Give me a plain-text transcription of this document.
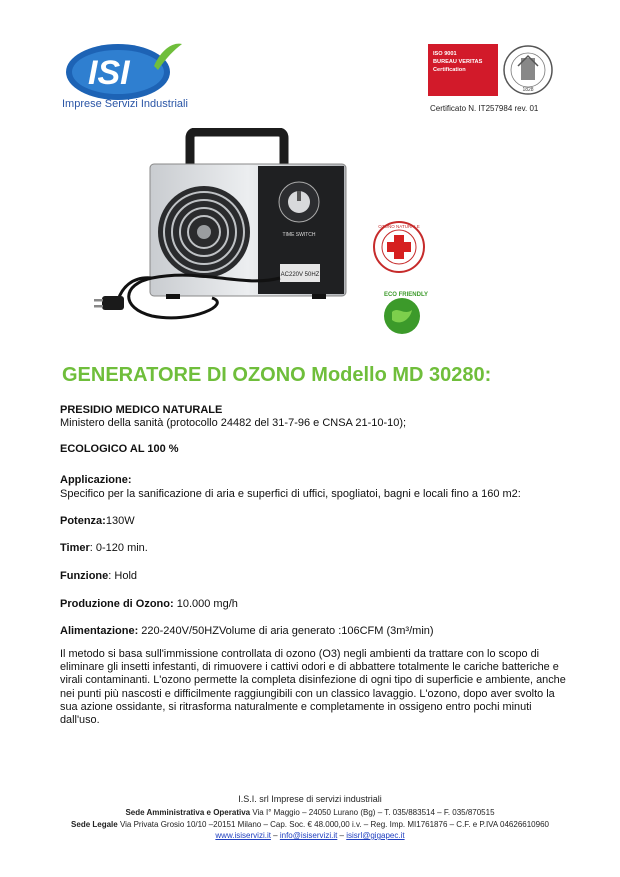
ISI
Imprese Servizi Industriali
ISO 9001
BUREAU VERITAS
Certification
1828
Certificato N. IT257984 rev. 01
TIME SWITCH
AC220V 50HZ
OZONO NATURALE
ECO FRIENDLY
GENERATORE DI OZONO Modello MD 30280:
PRESIDIO MEDICO NATURALE
Ministero della sanità (protocollo 24482 del 31-7-96 e CNSA 21-10-10);
ECOLOGICO AL 100 %
Applicazione:
Specifico per la sanificazione di aria e superfici di uffici, spogliatoi, bagni e locali fino a 160 m2:
Potenza:130W
Timer: 0-120 min.
Funzione: Hold
Produzione di Ozono: 10.000 mg/h
Alimentazione: 220-240V/50HZVolume di aria generato :106CFM (3m³/min)
Il metodo si basa sull'immissione controllata di ozono (O3) negli ambienti da trattare con lo scopo di eliminare gli insetti infestanti, di rimuovere i cattivi odori e di abbattere totalmente le cariche batteriche e virali contaminanti. L'ozono permette la completa disinfezione di ogni tipo di superficie e ambiente, anche nei punti più nascosti e difficilmente raggiungibili con un classico lavaggio. L'ozono, dopo aver svolto la sua azione ossidante, si ritrasforma naturalmente e completamente in ossigeno entro pochi minuti dall'uso.
I.S.I. srl Imprese di servizi industriali
Sede Amministrativa e Operativa Via I° Maggio – 24050 Lurano (Bg) – T. 035/883514 – F. 035/870515
Sede Legale Via Privata Grosio 10/10 –20151 Milano – Cap. Soc. € 48.000,00 i.v. – Reg. Imp. MI1761876 – C.F. e P.IVA 04626610960
www.isiservizi.it – info@isiservizi.it – isisrl@gigapec.it
